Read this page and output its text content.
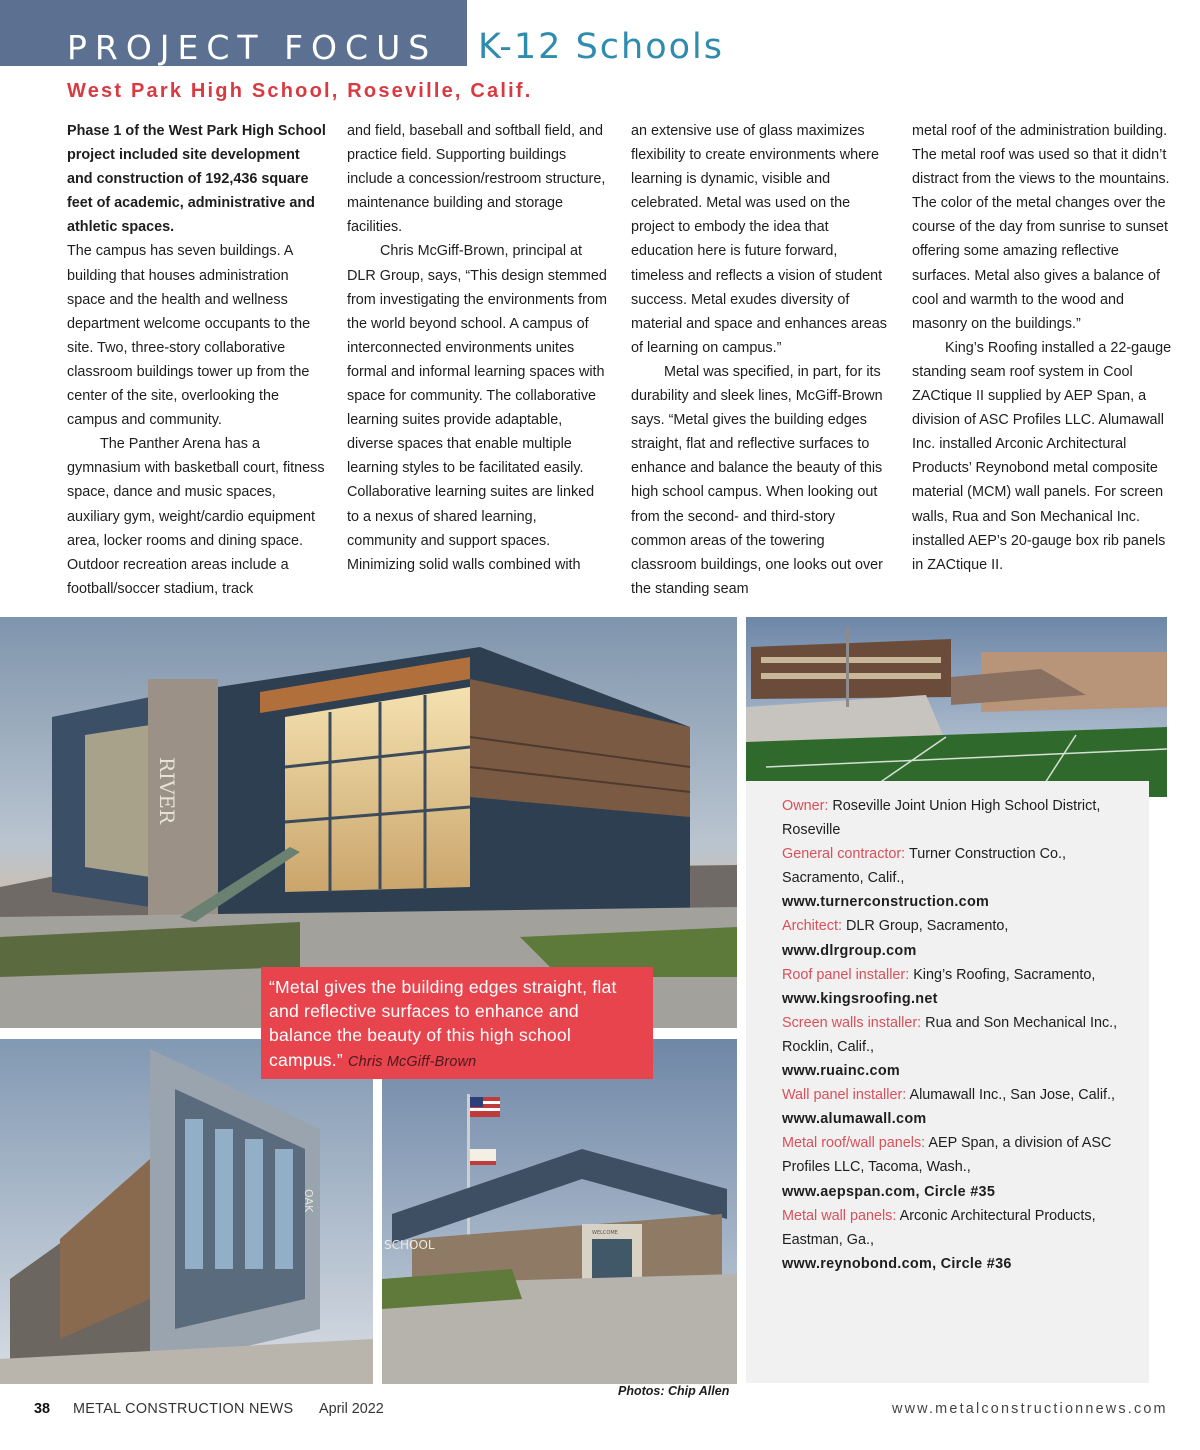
PROJECT FOCUS K-12 Schools
West Park High School, Roseville, Calif.

Phase 1 of the West Park High School project included site development and construction of 192,436 square feet of academic, administrative and athletic spaces.

The campus has seven buildings. A building that houses administration space and the health and wellness department welcome occupants to the site. Two, three-story collaborative classroom buildings tower up from the center of the site, overlooking the campus and community.

The Panther Arena has a gymnasium with basketball court, fitness space, dance and music spaces, auxiliary gym, weight/cardio equipment area, locker rooms and dining space. Outdoor recreation areas include a football/soccer stadium, track

and field, baseball and softball field, and practice field. Supporting buildings include a concession/restroom structure, maintenance building and storage facilities.

Chris McGiff-Brown, principal at DLR Group, says, “This design stemmed from investigating the environments from the world beyond school. A campus of interconnected environments unites formal and informal learning spaces with space for community. The collaborative learning suites provide adaptable, diverse spaces that enable multiple learning styles to be facilitated easily. Collaborative learning suites are linked to a nexus of shared learning, community and support spaces. Minimizing solid walls combined with

an extensive use of glass maximizes flexibility to create environments where learning is dynamic, visible and celebrated. Metal was used on the project to embody the idea that education here is future forward, timeless and reflects a vision of student success. Metal exudes diversity of material and space and enhances areas of learning on campus.”

Metal was specified, in part, for its durability and sleek lines, McGiff-Brown says. “Metal gives the building edges straight, flat and reflective surfaces to enhance and balance the beauty of this high school campus. When looking out from the second- and third-story common areas of the towering classroom buildings, one looks out over the standing seam

metal roof of the administration building. The metal roof was used so that it didn’t distract from the views to the mountains. The color of the metal changes over the course of the day from sunrise to sunset offering some amazing reflective surfaces. Metal also gives a balance of cool and warmth to the wood and masonry on the buildings.”

King’s Roofing installed a 22-gauge standing seam roof system in Cool ZACtique II supplied by AEP Span, a division of ASC Profiles LLC. Alumawall Inc. installed Arconic Architectural Products’ Reynobond metal composite material (MCM) wall panels. For screen walls, Rua and Son Mechanical Inc. installed AEP’s 20-gauge box rib panels in ZACtique II.

RIVER
OAK
WELCOME
SCHOOL
“Metal gives the building edges straight, flat and reflective surfaces to enhance and balance the beauty of this high school campus.” Chris McGiff-Brown
Owner: Roseville Joint Union High School District, Roseville
General contractor: Turner Construction Co., Sacramento, Calif.,
www.turnerconstruction.com
Architect: DLR Group, Sacramento,
www.dlrgroup.com
Roof panel installer: King’s Roofing, Sacramento,
www.kingsroofing.net
Screen walls installer: Rua and Son Mechanical Inc., Rocklin, Calif.,
www.ruainc.com
Wall panel installer: Alumawall Inc., San Jose, Calif.,
www.alumawall.com
Metal roof/wall panels: AEP Span, a division of ASC Profiles LLC, Tacoma, Wash.,
www.aepspan.com, Circle #35
Metal wall panels: Arconic Architectural Products, Eastman, Ga.,
www.reynobond.com, Circle #36
Photos: Chip Allen
38 METAL CONSTRUCTION NEWS April 2022	www.metalconstructionnews.com
